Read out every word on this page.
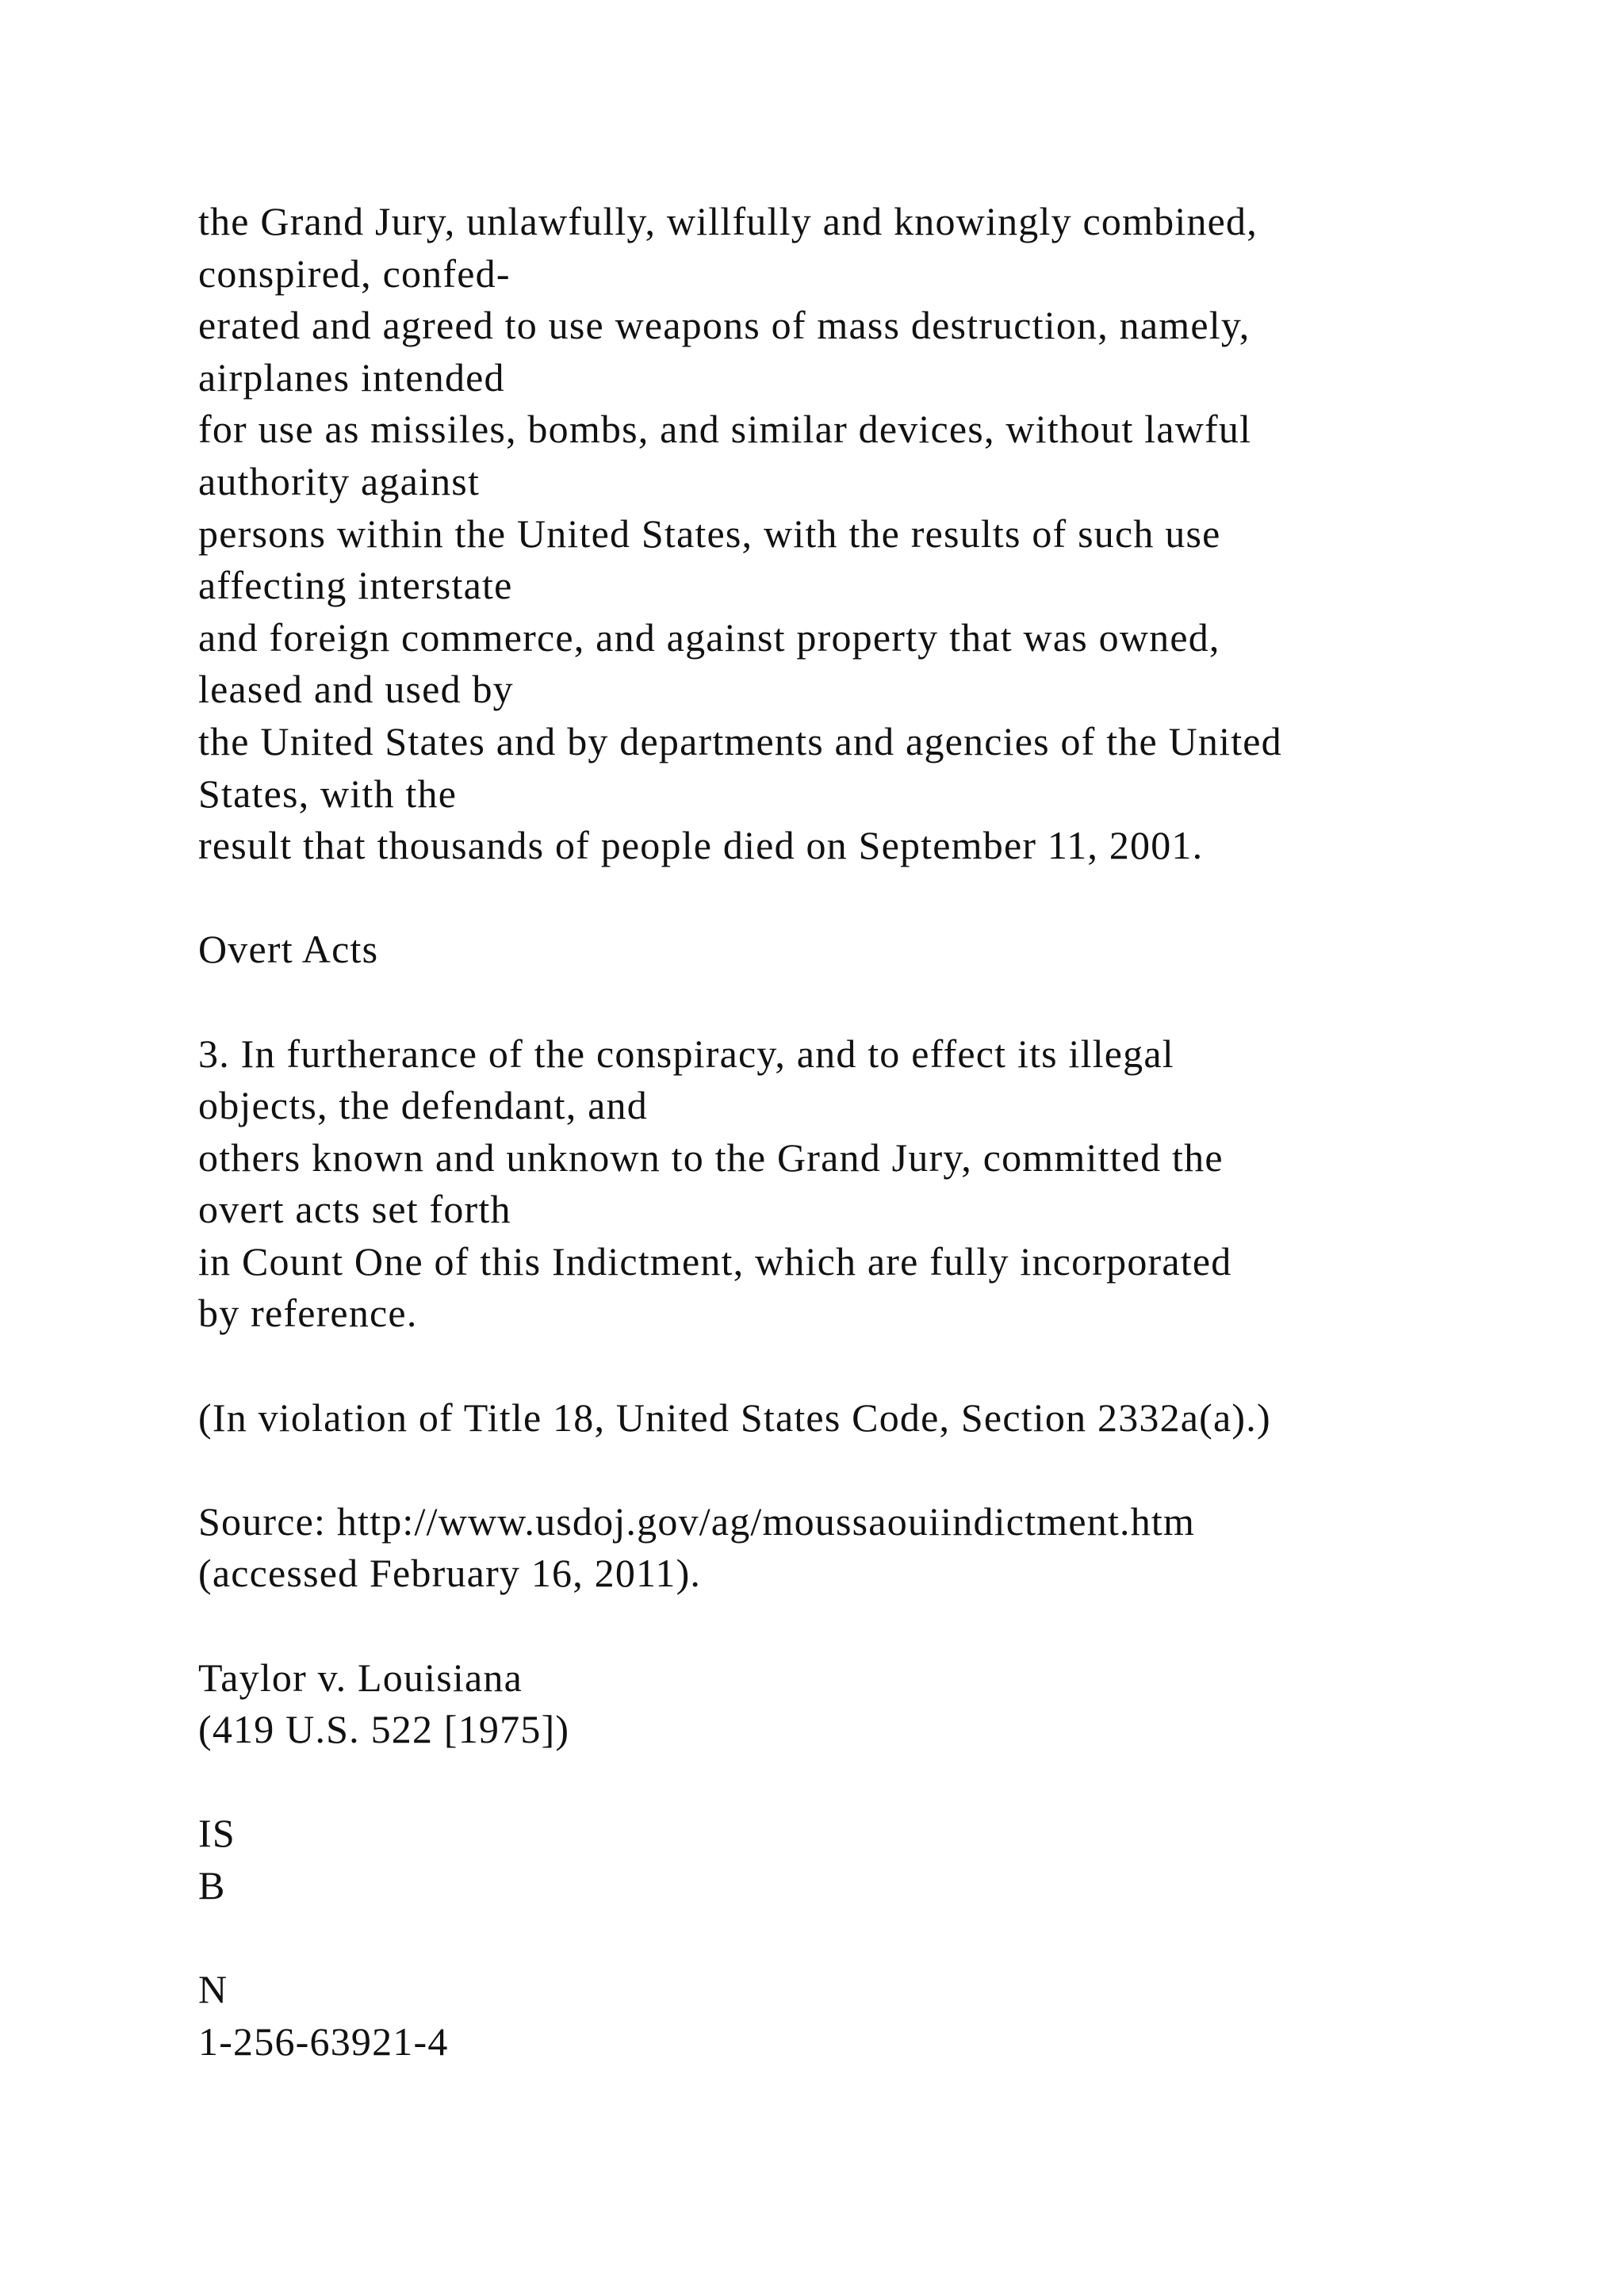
the Grand Jury, unlawfully, willfully and knowingly combined,
conspired, confed-
erated and agreed to use weapons of mass destruction, namely,
airplanes intended
for use as missiles, bombs, and similar devices, without lawful
authority against
persons within the United States, with the results of such use
affecting interstate
and foreign commerce, and against property that was owned,
leased and used by
the United States and by departments and agencies of the United
States, with the
result that thousands of people died on September 11, 2001.
Overt Acts
3. In furtherance of the conspiracy, and to effect its illegal
objects, the defendant, and
others known and unknown to the Grand Jury, committed the
overt acts set forth
in Count One of this Indictment, which are fully incorporated
by reference.
(In violation of Title 18, United States Code, Section 2332a(a).)
Source: http://www.usdoj.gov/ag/moussaouiindictment.htm
(accessed February 16, 2011).
Taylor v. Louisiana
(419 U.S. 522 [1975])
IS
B
N
1-256-63921-4
